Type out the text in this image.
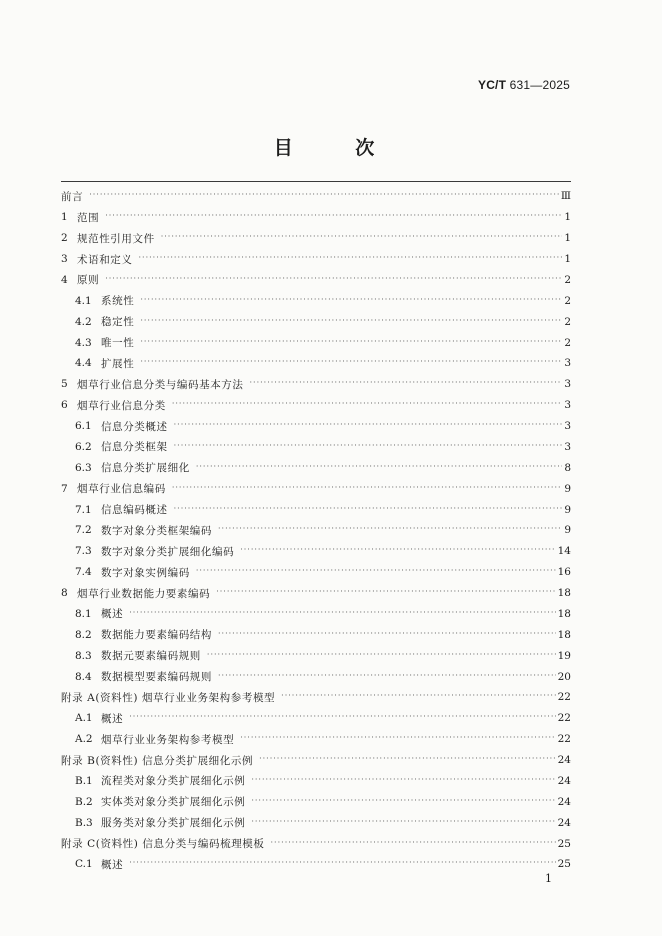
YC/T 631—2025
目 次
前言 ·····	Ⅲ
1 范围 ·····	1
2 规范性引用文件 ·····	1
3 术语和定义 ·····	1
4 原则 ·····	2
4.1 系统性 ·····	2
4.2 稳定性 ·····	2
4.3 唯一性 ·····	2
4.4 扩展性 ·····	3
5 烟草行业信息分类与编码基本方法 ·····	3
6 烟草行业信息分类 ·····	3
6.1 信息分类概述 ·····	3
6.2 信息分类框架 ·····	3
6.3 信息分类扩展细化 ·····	8
7 烟草行业信息编码 ·····	9
7.1 信息编码概述 ·····	9
7.2 数字对象分类框架编码 ·····	9
7.3 数字对象分类扩展细化编码 ·····	14
7.4 数字对象实例编码 ·····	16
8 烟草行业数据能力要素编码 ·····	18
8.1 概述 ·····	18
8.2 数据能力要素编码结构 ·····	18
8.3 数据元要素编码规则 ·····	19
8.4 数据模型要素编码规则 ·····	20
附录 A(资料性) 烟草行业业务架构参考模型 ·····	22
A.1 概述 ·····	22
A.2 烟草行业业务架构参考模型 ·····	22
附录 B(资料性) 信息分类扩展细化示例 ·····	24
B.1 流程类对象分类扩展细化示例 ·····	24
B.2 实体类对象分类扩展细化示例 ·····	24
B.3 服务类对象分类扩展细化示例 ·····	24
附录 C(资料性) 信息分类与编码梳理模板 ·····	25
C.1 概述 ·····	25
1
